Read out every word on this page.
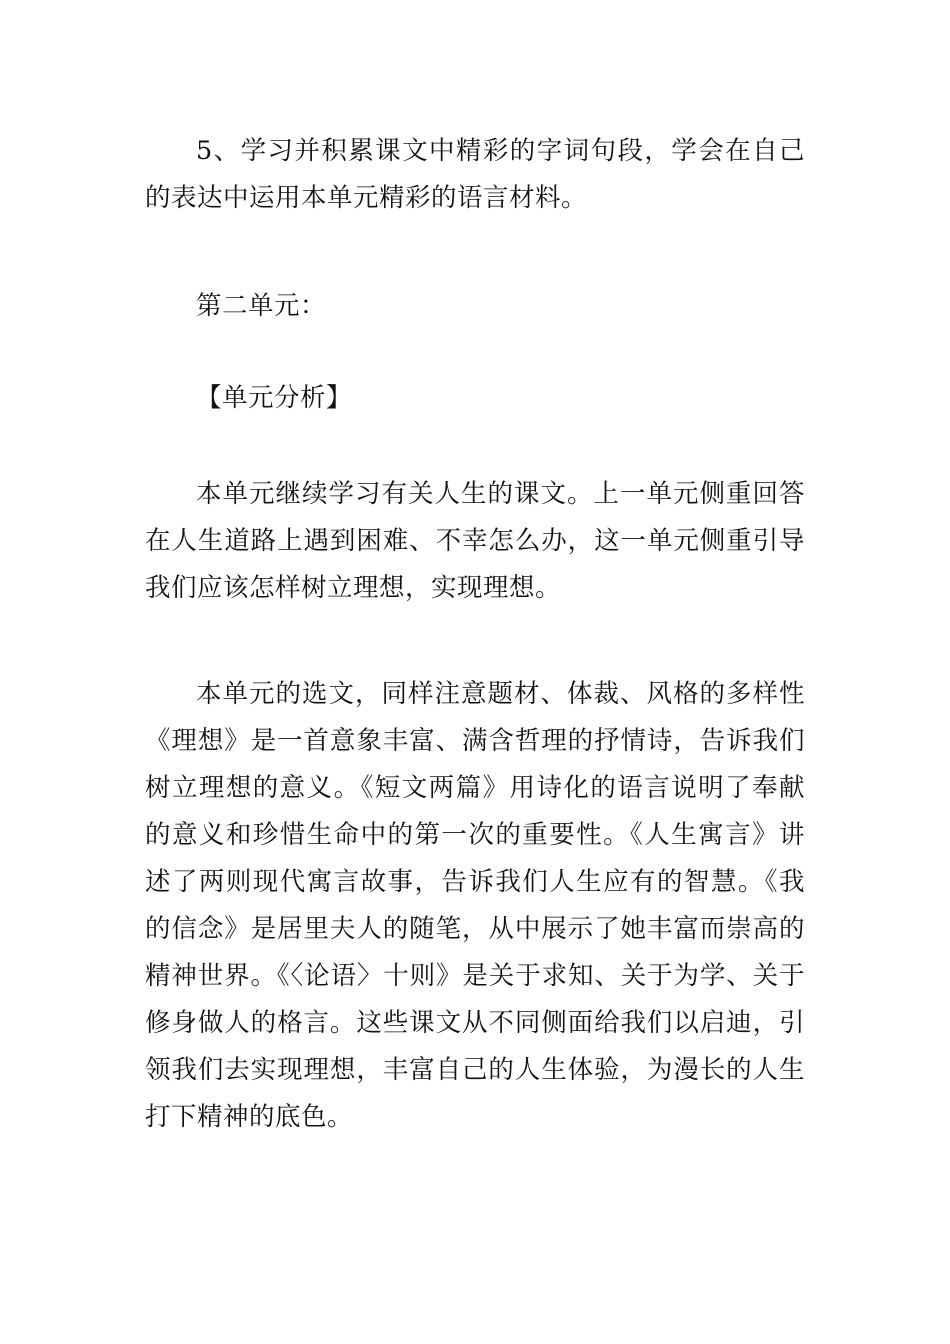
5、学习并积累课文中精彩的字词句段，学会在自己的表达中运用本单元精彩的语言材料。

第二单元：

【单元分析】

本单元继续学习有关人生的课文。上一单元侧重回答在人生道路上遇到困难、不幸怎么办，这一单元侧重引导我们应该怎样树立理想，实现理想。

本单元的选文，同样注意题材、体裁、风格的多样性《理想》是一首意象丰富、满含哲理的抒情诗，告诉我们树立理想的意义。《短文两篇》用诗化的语言说明了奉献的意义和珍惜生命中的第一次的重要性。《人生寓言》讲述了两则现代寓言故事，告诉我们人生应有的智慧。《我的信念》是居里夫人的随笔，从中展示了她丰富而崇高的精神世界。《〈论语〉十则》是关于求知、关于为学、关于修身做人的格言。这些课文从不同侧面给我们以启迪，引领我们去实现理想，丰富自己的人生体验，为漫长的人生打下精神的底色。
